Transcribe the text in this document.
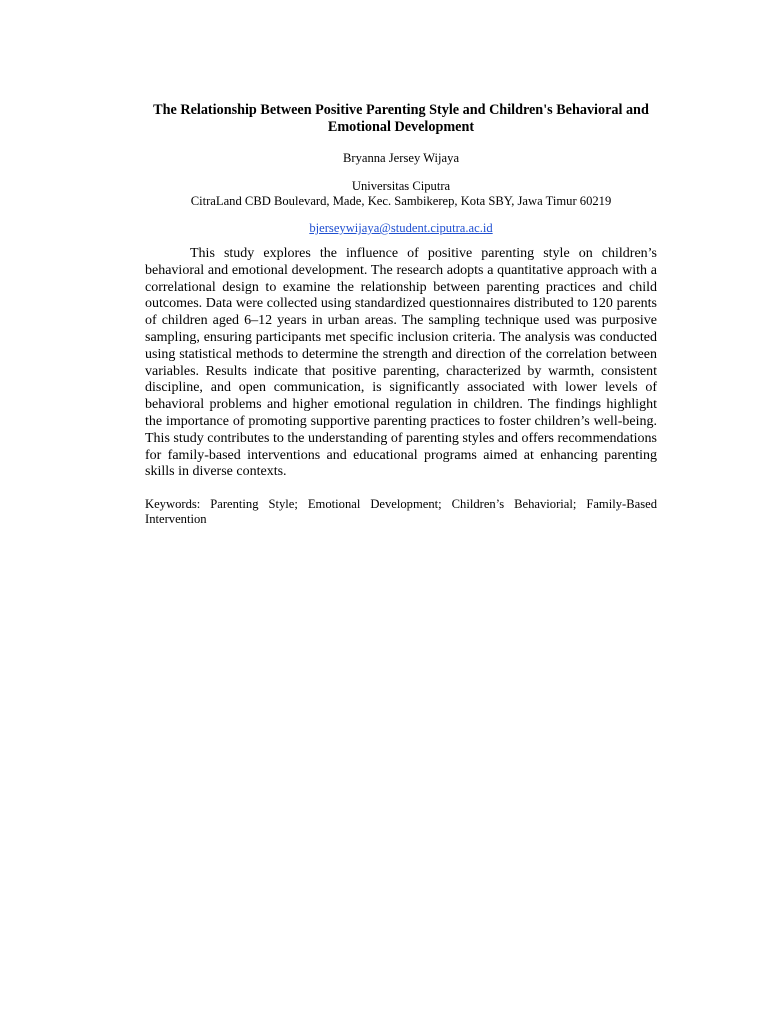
The Relationship Between Positive Parenting Style and Children's Behavioral and Emotional Development
Bryanna Jersey Wijaya
Universitas Ciputra
CitraLand CBD Boulevard, Made, Kec. Sambikerep, Kota SBY, Jawa Timur 60219
bjerseywijaya@student.ciputra.ac.id

This study explores the influence of positive parenting style on children’s behavioral and emotional development. The research adopts a quantitative approach with a correlational design to examine the relationship between parenting practices and child outcomes. Data were collected using standardized questionnaires distributed to 120 parents of children aged 6–12 years in urban areas. The sampling technique used was purposive sampling, ensuring participants met specific inclusion criteria. The analysis was conducted using statistical methods to determine the strength and direction of the correlation between variables. Results indicate that positive parenting, characterized by warmth, consistent discipline, and open communication, is significantly associated with lower levels of behavioral problems and higher emotional regulation in children. The findings highlight the importance of promoting supportive parenting practices to foster children’s well-being. This study contributes to the understanding of parenting styles and offers recommendations for family-based interventions and educational programs aimed at enhancing parenting skills in diverse contexts.

Keywords: Parenting Style; Emotional Development; Children’s Behaviorial; Family-Based Intervention
